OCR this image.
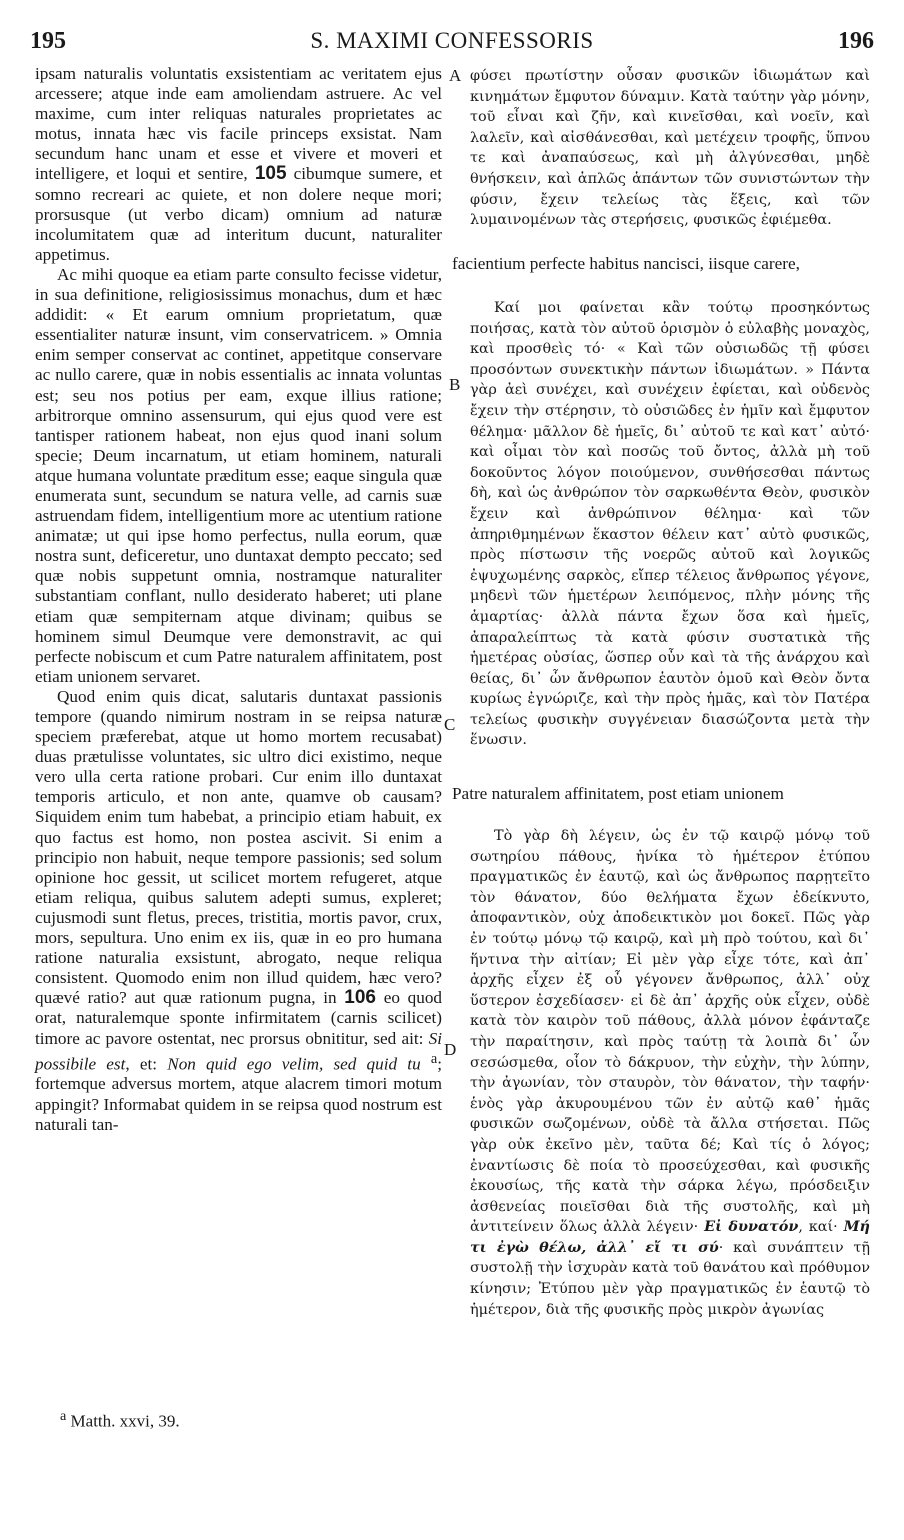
195	S. MAXIMI CONFESSORIS	196

ipsam naturalis voluntatis exsistentiam ac veritatem ejus arcessere; atque inde eam amoliendam astruere. Ac vel maxime, cum inter reliquas naturales proprietates ac motus, innata hæc vis facile princeps exsistat. Nam secundum hanc unam et esse et vivere et moveri et intelligere, et loqui et sentire, 105 cibumque sumere, et somno recreari ac quiete, et non dolere neque mori; prorsusque (ut verbo dicam) omnium ad naturæ incolumitatem quæ ad interitum ducunt, naturaliter appetimus.

Ac mihi quoque ea etiam parte consulto fecisse videtur, in sua definitione, religiosissimus monachus, dum et hæc addidit: « Et earum omnium proprietatum, quæ essentialiter naturæ insunt, vim conservatricem. » Omnia enim semper conservat ac continet, appetitque conservare ac nullo carere, quæ in nobis essentialis ac innata voluntas est; seu nos potius per eam, exque illius ratione; arbitrorque omnino assensurum, qui ejus quod vere est tantisper rationem habeat, non ejus quod inani solum specie; Deum incarnatum, ut etiam hominem, naturali atque humana voluntate præditum esse; eaque singula quæ enumerata sunt, secundum se natura velle, ad carnis suæ astruendam fidem, intelligentium more ac utentium ratione animatæ; ut qui ipse homo perfectus, nulla eorum, quæ nostra sunt, deficeretur, uno duntaxat dempto peccato; sed quæ nobis suppetunt omnia, nostramque naturaliter substantiam conflant, nullo desiderato haberet; uti plane etiam quæ sempiternam atque divinam; quibus se hominem simul Deumque vere demonstravit, ac qui perfecte nobiscum et cum Patre naturalem affinitatem, post etiam unionem servaret.

Quod enim quis dicat, salutaris duntaxat passionis tempore (quando nimirum nostram in se reipsa naturæ speciem præferebat, atque ut homo mortem recusabat) duas prætulisse voluntates, sic ultro dici existimo, neque vero ulla certa ratione probari. Cur enim illo duntaxat temporis articulo, et non ante, quamve ob causam? Siquidem enim tum habebat, a principio etiam habuit, ex quo factus est homo, non postea ascivit. Si enim a principio non habuit, neque tempore passionis; sed solum opinione hoc gessit, ut scilicet mortem refugeret, atque etiam reliqua, quibus salutem adepti sumus, expleret; cujusmodi sunt fletus, preces, tristitia, mortis pavor, crux, mors, sepultura. Uno enim ex iis, quæ in eo pro humana ratione naturalia exsistunt, abrogato, neque reliqua consistent. Quomodo enim non illud quidem, hæc vero? quævé ratio? aut quæ rationum pugna, in 106 eo quod orat, naturalemque sponte infirmitatem (carnis scilicet) timore ac pavore ostentat, nec prorsus obnititur, sed ait: Si possibile est, et: Non quid ego velim, sed quid tu $^a$; fortemque adversus mortem, atque alacrem timori motum appingit? Informabat quidem in se reipsa quod nostrum est naturali tan-

A
B
C
D

φύσει πρωτίστην οὖσαν φυσικῶν ἰδιωμάτων καὶ κινημάτων ἔμφυτον δύναμιν. Κατὰ ταύτην γὰρ μόνην, τοῦ εἶναι καὶ ζῆν, καὶ κινεῖσθαι, καὶ νοεῖν, καὶ λαλεῖν, καὶ αἰσθάνεσθαι, καὶ μετέχειν τροφῆς, ὕπνου τε καὶ ἀναπαύσεως, καὶ μὴ ἀλγύνεσθαι, μηδὲ θνήσκειν, καὶ ἁπλῶς ἁπάντων τῶν συνιστώντων τὴν φύσιν, ἔχειν τελείως τὰς ἕξεις, καὶ τῶν λυμαινομένων τὰς στερήσεις, φυσικῶς ἐφιέμεθα.

facientium perfecte habitus nancisci, iisque carere,

Καί μοι φαίνεται κἂν τούτῳ προσηκόντως ποιήσας, κατὰ τὸν αὐτοῦ ὁρισμὸν ὁ εὐλαβὴς μοναχὸς, καὶ προσθεὶς τό· « Καὶ τῶν οὐσιωδῶς τῇ φύσει προσόντων συνεκτικὴν πάντων ἰδιωμάτων. » Πάντα γὰρ ἀεὶ συνέχει, καὶ συνέχειν ἐφίεται, καὶ οὐδενὸς ἔχειν τὴν στέρησιν, τὸ οὐσιῶδες ἐν ἡμῖν καὶ ἔμφυτον θέλημα· μᾶλλον δὲ ἡμεῖς, δι᾽ αὐτοῦ τε καὶ κατ᾽ αὐτό· καὶ οἶμαι τὸν καὶ ποσῶς τοῦ ὄντος, ἀλλὰ μὴ τοῦ δοκοῦντος λόγον ποιούμενον, συνθήσεσθαι πάντως δὴ, καὶ ὡς ἀνθρώπον τὸν σαρκωθέντα Θεὸν, φυσικὸν ἔχειν καὶ ἀνθρώπινον θέλημα· καὶ τῶν ἀπηριθμημένων ἕκαστον θέλειν κατ᾽ αὐτὸ φυσικῶς, πρὸς πίστωσιν τῆς νοερῶς αὐτοῦ καὶ λογικῶς ἐψυχωμένης σαρκὸς, εἴπερ τέλειος ἄνθρωπος γέγονε, μηδενὶ τῶν ἡμετέρων λειπόμενος, πλὴν μόνης τῆς ἁμαρτίας· ἀλλὰ πάντα ἔχων ὅσα καὶ ἡμεῖς, ἀπαραλείπτως τὰ κατὰ φύσιν συστατικὰ τῆς ἡμετέρας οὐσίας, ὥσπερ οὖν καὶ τὰ τῆς ἀνάρχου καὶ θείας, δι᾽ ὧν ἄνθρωπον ἑαυτὸν ὁμοῦ καὶ Θεὸν ὄντα κυρίως ἐγνώριζε, καὶ τὴν πρὸς ἡμᾶς, καὶ τὸν Πατέρα τελείως φυσικὴν συγγένειαν διασώζοντα μετὰ τὴν ἕνωσιν.

Patre naturalem affinitatem, post etiam unionem

Τὸ γὰρ δὴ λέγειν, ὡς ἐν τῷ καιρῷ μόνῳ τοῦ σωτηρίου πάθους, ἡνίκα τὸ ἡμέτερον ἐτύπου πραγματικῶς ἐν ἑαυτῷ, καὶ ὡς ἄνθρωπος παρῃτεῖτο τὸν θάνατον, δύο θελήματα ἔχων ἐδείκνυτο, ἀποφαντικὸν, οὐχ ἀποδεικτικὸν μοι δοκεῖ. Πῶς γὰρ ἐν τούτῳ μόνῳ τῷ καιρῷ, καὶ μὴ πρὸ τούτου, καὶ δι᾽ ἥντινα τὴν αἰτίαν; Εἰ μὲν γὰρ εἶχε τότε, καὶ ἀπ᾽ ἀρχῆς εἶχεν ἐξ οὗ γέγονεν ἄνθρωπος, ἀλλ᾽ οὐχ ὕστερον ἐσχεδίασεν· εἰ δὲ ἀπ᾽ ἀρχῆς οὐκ εἶχεν, οὐδὲ κατὰ τὸν καιρὸν τοῦ πάθους, ἀλλὰ μόνον ἐφάνταζε τὴν παραίτησιν, καὶ πρὸς ταύτῃ τὰ λοιπὰ δι᾽ ὧν σεσώσμεθα, οἷον τὸ δάκρυον, τὴν εὐχὴν, τὴν λύπην, τὴν ἀγωνίαν, τὸν σταυρὸν, τὸν θάνατον, τὴν ταφήν· ἑνὸς γὰρ ἀκυρουμένου τῶν ἐν αὐτῷ καθ᾽ ἡμᾶς φυσικῶν σωζομένων, οὐδὲ τὰ ἄλλα στήσεται. Πῶς γὰρ οὐκ ἐκεῖνο μὲν, ταῦτα δέ; Καὶ τίς ὁ λόγος; ἐναντίωσις δὲ ποία τὸ προσεύχεσθαι, καὶ φυσικῆς ἐκουσίως, τῆς κατὰ τὴν σάρκα λέγω, πρόσδειξιν ἀσθενείας ποιεῖσθαι διὰ τῆς συστολῆς, καὶ μὴ ἀντιτείνειν ὅλως ἀλλὰ λέγειν· Εἰ δυνατόν, καί· Μή τι ἐγὼ θέλω, ἀλλ᾽ εἴ τι σύ· καὶ συνάπτειν τῇ συστολῇ τὴν ἰσχυρὰν κατὰ τοῦ θανάτου καὶ πρόθυμον κίνησιν; Ἐτύπου μὲν γὰρ πραγματικῶς ἐν ἑαυτῷ τὸ ἡμέτερον, διὰ τῆς φυσικῆς πρὸς μικρὸν ἀγωνίας

$^a$ Matth. xxvi, 39.
